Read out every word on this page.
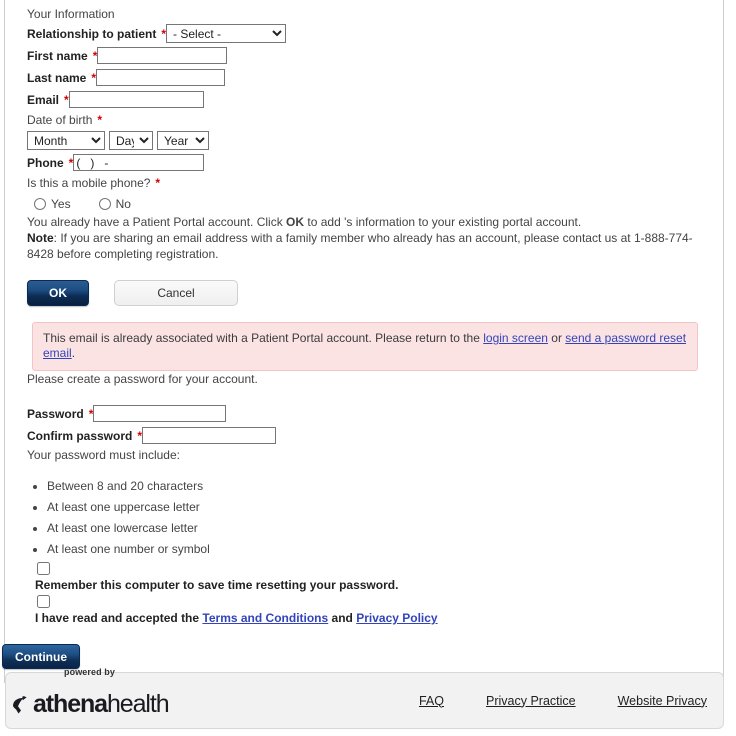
Your Information
Relationship to patient *
- Select -
First name *
Last name *
Email *
Date of birth *
Month
Day
Year
Phone *
( ) -
Is this a mobile phone? *
Yes	No

You already have a Patient Portal account. Click OK to add 's information to your existing portal account.

Note: If you are sharing an email address with a family member who already has an account, please contact us at 1-888-774-8428 before completing registration.

OK	Cancel
This email is already associated with a Patient Portal account. Please return to the login screen or send a password reset email.

Please create a password for your account.

Password *
Confirm password *

Your password must include:

• Between 8 and 20 characters
• At least one uppercase letter
• At least one lowercase letter
• At least one number or symbol
Remember this computer to save time resetting your password.
I have read and accepted the Terms and Conditions and Privacy Policy
Continue
powered by
athenahealth	FAQ	Privacy Practice	Website Privacy
